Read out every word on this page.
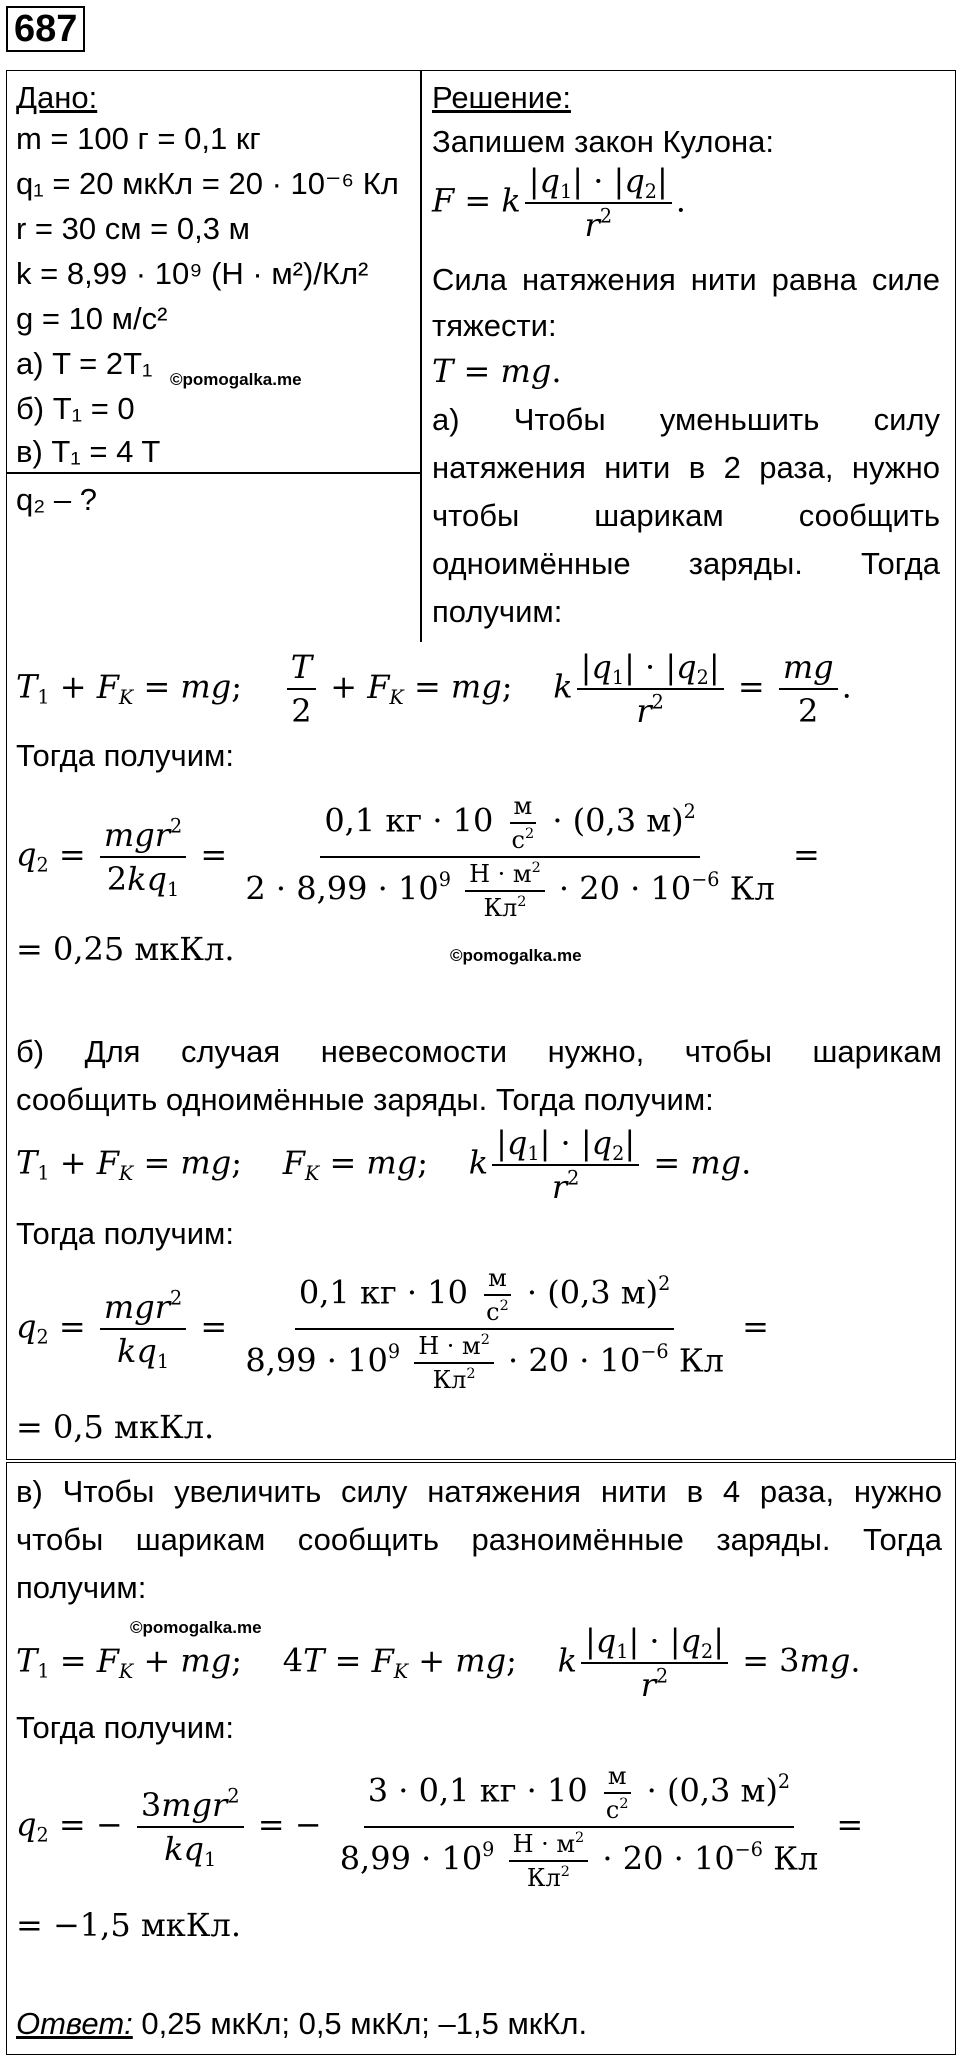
687
Дано:
m = 100 г = 0,1 кг
q₁ = 20 мкКл = 20 · 10⁻⁶ Кл
r = 30 см = 0,3 м
k = 8,99 · 10⁹ (Н · м²)/Кл²
g = 10 м/с²
а) T = 2T₁
б) T₁ = 0
в) T₁ = 4 T
q₂ – ?
©pomogalka.me
Решение:
Запишем закон Кулона:
F = k $\frac{|q_1| \cdot |q_2|}{r^2}$ .
Сила натяжения нити равна силе
тяжести:
T = mg.
а) Чтобы уменьшить силу
натяжения нити в 2 раза, нужно
чтобы шарикам сообщить
одноимённые заряды. Тогда
получим:
$T_1 + F_K$ = mg; $\frac{T}{2} + F_K$ = mg;    k $\frac{|q_1| \cdot |q_2|}{r^2} = \frac{mg}{2}$ .
Тогда получим:
$q_2 = \frac{mgr^2}{2kq_1} = \frac{0,1 кг \cdot 10 \frac{м}{с^2} \cdot (0,3 м)^2}{2 \cdot 8,99 \cdot 10^9 \frac{Н \cdot м^2}{Кл^2} \cdot 20 \cdot 10^{-6} Кл}$ =
= 0,25 мкКл.	©pomogalka.me
б) Для случая невесомости нужно, чтобы шарикам
сообщить одноимённые заряды. Тогда получим:
$T_1 + F_K$ = mg;    $F_K$ = mg;    k $\frac{|q_1| \cdot |q_2|}{r^2}$ = mg.
Тогда получим:
$q_2 = \frac{mgr^2}{kq_1} = \frac{0,1 кг \cdot 10 \frac{м}{с^2} \cdot (0,3 м)^2}{8,99 \cdot 10^9 \frac{Н \cdot м^2}{Кл^2} \cdot 20 \cdot 10^{-6} Кл}$ =
= 0,5 мкКл.
в) Чтобы увеличить силу натяжения нити в 4 раза, нужно
чтобы шарикам сообщить разноимённые заряды. Тогда
получим:
©pomogalka.me
$T_1 = F_K$ + mg;    $4T = F_K$ + mg;    k $\frac{|q_1| \cdot |q_2|}{r^2} = 3mg$.
Тогда получим:
$q_2$ = − $\frac{3mgr^2}{kq_1}$ = − $\frac{3 \cdot 0,1 кг \cdot 10 \frac{м}{с^2} \cdot (0,3 м)^2}{8,99 \cdot 10^9 \frac{Н \cdot м^2}{Кл^2} \cdot 20 \cdot 10^{-6} Кл}$ =
= −1,5 мкКл.
Ответ: 0,25 мкКл; 0,5 мкКл; –1,5 мкКл.
